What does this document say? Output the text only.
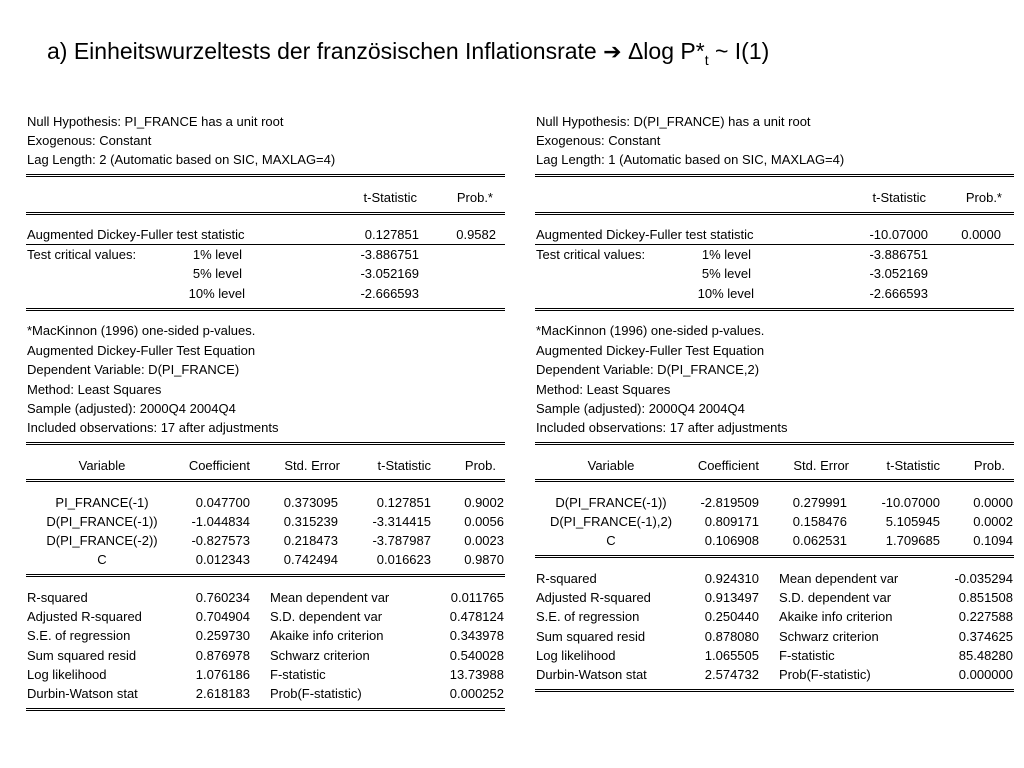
a) Einheitswurzeltests der französischen Inflationsrate ➔ Δlog $P*_t$ ~ I(1)
Null Hypothesis: PI_FRANCE has a unit root
Exogenous: Constant
Lag Length: 2 (Automatic based on SIC, MAXLAG=4)
t-Statistic	Prob.*
Augmented Dickey-Fuller test statistic	0.127851	0.9582
Test critical values:	1% level	-3.886751
5% level	-3.052169
10% level	-2.666593
*MacKinnon (1996) one-sided p-values.
Augmented Dickey-Fuller Test Equation
Dependent Variable: D(PI_FRANCE)
Method: Least Squares
Sample (adjusted): 2000Q4 2004Q4
Included observations: 17 after adjustments
Variable	Coefficient	Std. Error	t-Statistic	Prob.
PI_FRANCE(-1)	0.047700	0.373095	0.127851	0.9002
D(PI_FRANCE(-1))	-1.044834	0.315239	-3.314415	0.0056
D(PI_FRANCE(-2))	-0.827573	0.218473	-3.787987	0.0023
C	0.012343	0.742494	0.016623	0.9870
R-squared	0.760234 Mean dependent var	0.011765
Adjusted R-squared	0.704904 S.D. dependent var	0.478124
S.E. of regression	0.259730 Akaike info criterion	0.343978
Sum squared resid	0.876978 Schwarz criterion	0.540028
Log likelihood	1.076186 F-statistic	13.73988
Durbin-Watson stat	2.618183 Prob(F-statistic)	0.000252
Null Hypothesis: D(PI_FRANCE) has a unit root
Exogenous: Constant
Lag Length: 1 (Automatic based on SIC, MAXLAG=4)
t-Statistic	Prob.*
Augmented Dickey-Fuller test statistic	-10.07000	0.0000
Test critical values:	1% level	-3.886751
5% level	-3.052169
10% level	-2.666593
*MacKinnon (1996) one-sided p-values.
Augmented Dickey-Fuller Test Equation
Dependent Variable: D(PI_FRANCE,2)
Method: Least Squares
Sample (adjusted): 2000Q4 2004Q4
Included observations: 17 after adjustments
Variable	Coefficient	Std. Error	t-Statistic	Prob.
D(PI_FRANCE(-1))	-2.819509	0.279991	-10.07000	0.0000
D(PI_FRANCE(-1),2)	0.809171	0.158476	5.105945	0.0002
C	0.106908	0.062531	1.709685	0.1094
R-squared	0.924310 Mean dependent var	-0.035294
Adjusted R-squared	0.913497 S.D. dependent var	0.851508
S.E. of regression	0.250440 Akaike info criterion	0.227588
Sum squared resid	0.878080 Schwarz criterion	0.374625
Log likelihood	1.065505 F-statistic	85.48280
Durbin-Watson stat	2.574732 Prob(F-statistic)	0.000000
